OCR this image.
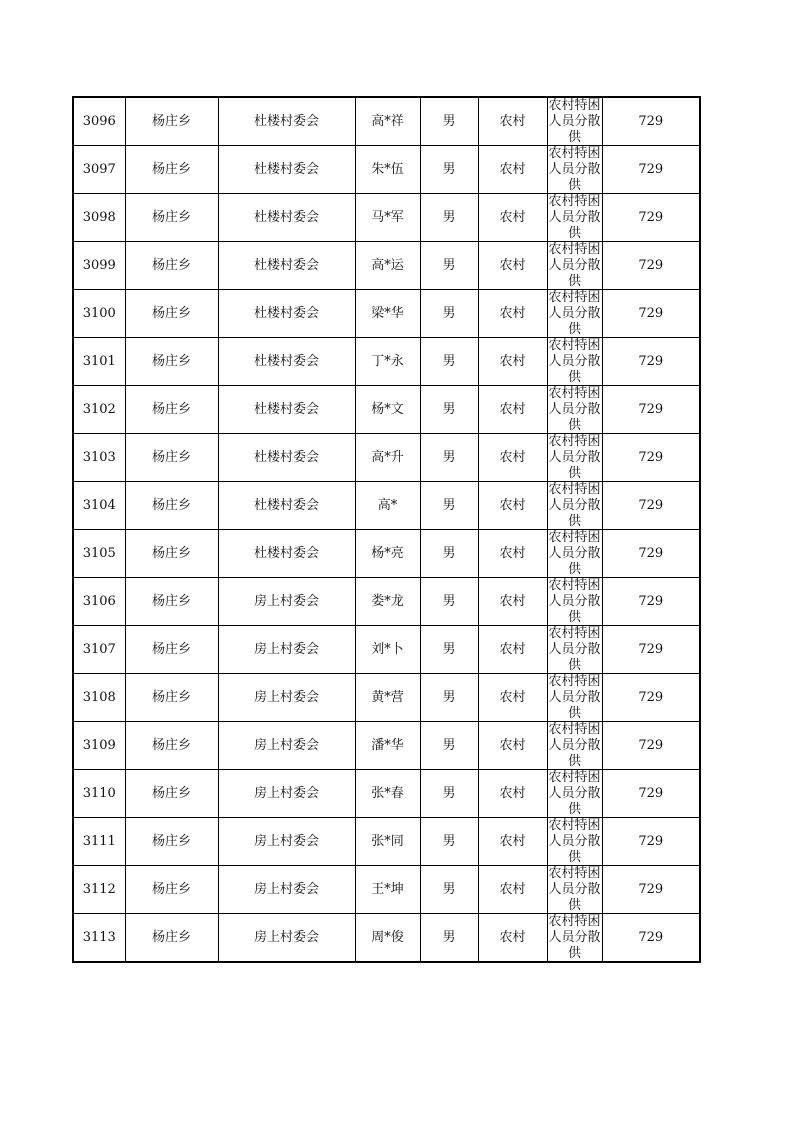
3096	杨庄乡	杜楼村委会	高*祥	男	农村	农村特困人员分散供	729
3097	杨庄乡	杜楼村委会	朱*伍	男	农村	农村特困人员分散供	729
3098	杨庄乡	杜楼村委会	马*军	男	农村	农村特困人员分散供	729
3099	杨庄乡	杜楼村委会	高*运	男	农村	农村特困人员分散供	729
3100	杨庄乡	杜楼村委会	梁*华	男	农村	农村特困人员分散供	729
3101	杨庄乡	杜楼村委会	丁*永	男	农村	农村特困人员分散供	729
3102	杨庄乡	杜楼村委会	杨*文	男	农村	农村特困人员分散供	729
3103	杨庄乡	杜楼村委会	高*升	男	农村	农村特困人员分散供	729
3104	杨庄乡	杜楼村委会	高*	男	农村	农村特困人员分散供	729
3105	杨庄乡	杜楼村委会	杨*亮	男	农村	农村特困人员分散供	729
3106	杨庄乡	房上村委会	娄*龙	男	农村	农村特困人员分散供	729
3107	杨庄乡	房上村委会	刘*卜	男	农村	农村特困人员分散供	729
3108	杨庄乡	房上村委会	黄*营	男	农村	农村特困人员分散供	729
3109	杨庄乡	房上村委会	潘*华	男	农村	农村特困人员分散供	729
3110	杨庄乡	房上村委会	张*春	男	农村	农村特困人员分散供	729
3111	杨庄乡	房上村委会	张*同	男	农村	农村特困人员分散供	729
3112	杨庄乡	房上村委会	王*坤	男	农村	农村特困人员分散供	729
3113	杨庄乡	房上村委会	周*俊	男	农村	农村特困人员分散供	729
